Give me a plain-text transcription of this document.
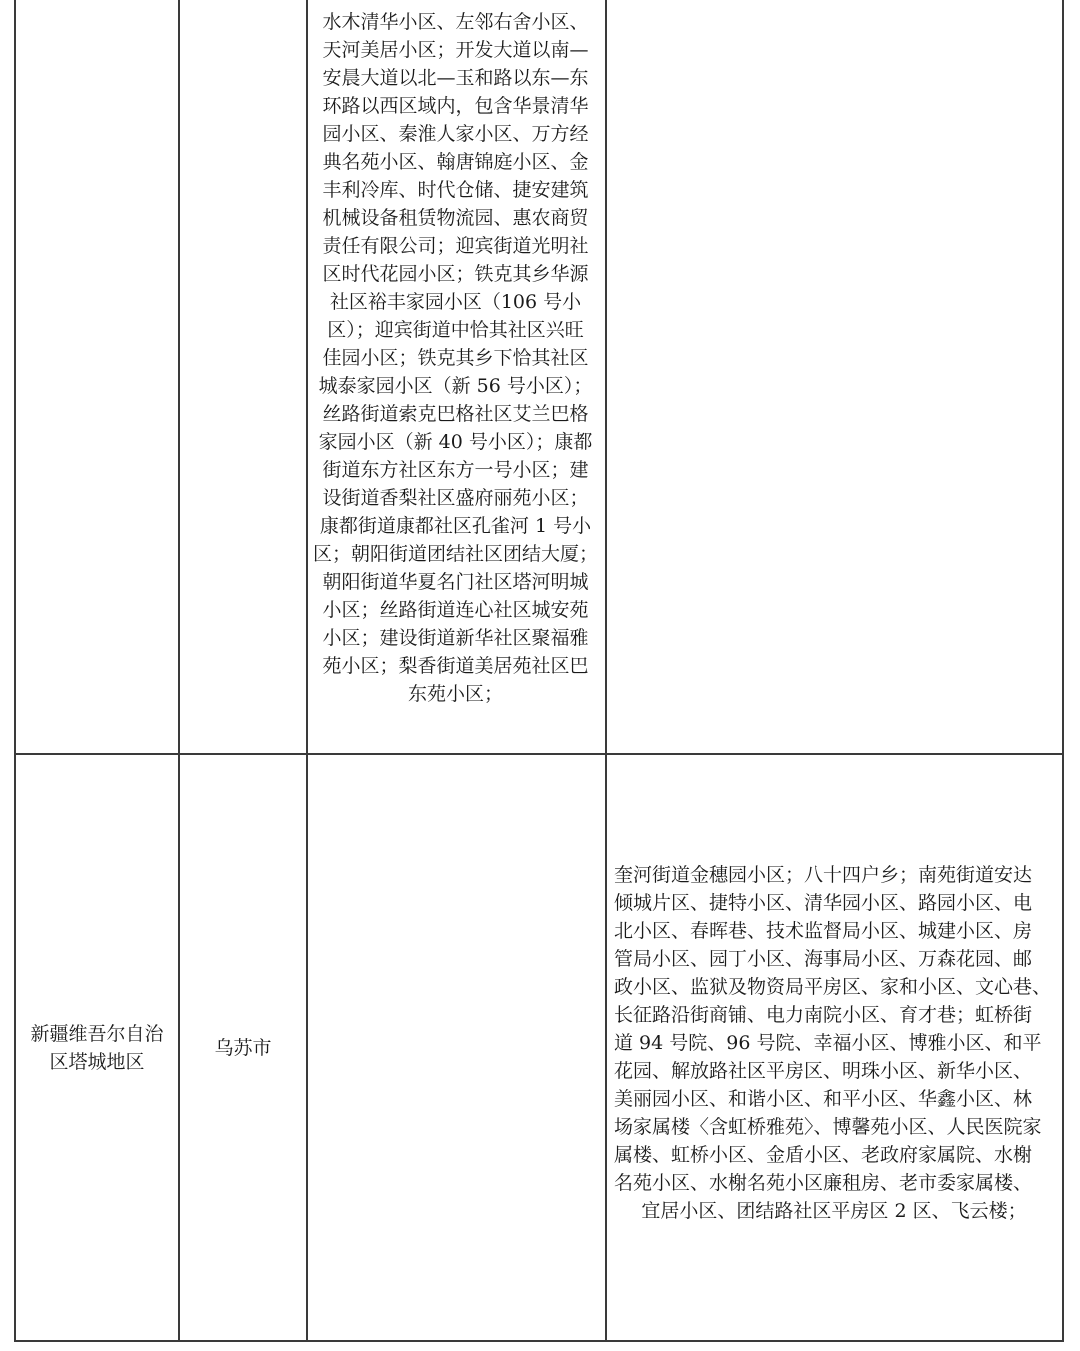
水木清华小区、左邻右舍小区、
天河美居小区；开发大道以南—
安晨大道以北—玉和路以东—东
环路以西区域内，包含华景清华
园小区、秦淮人家小区、万方经
典名苑小区、翰唐锦庭小区、金
丰利冷库、时代仓储、捷安建筑
机械设备租赁物流园、惠农商贸
责任有限公司；迎宾街道光明社
区时代花园小区；铁克其乡华源
社区裕丰家园小区（106 号小
区）；迎宾街道中恰其社区兴旺
佳园小区；铁克其乡下恰其社区
城泰家园小区（新 56 号小区）；
丝路街道索克巴格社区艾兰巴格
家园小区（新 40 号小区）；康都
街道东方社区东方一号小区；建
设街道香梨社区盛府丽苑小区；
康都街道康都社区孔雀河 1 号小
区；朝阳街道团结社区团结大厦；
朝阳街道华夏名门社区塔河明城
小区；丝路街道连心社区城安苑
小区；建设街道新华社区聚福雅
苑小区；梨香街道美居苑社区巴
东苑小区；
新疆维吾尔自治
区塔城地区
乌苏市
奎河街道金穗园小区；八十四户乡；南苑街道安达
倾城片区、捷特小区、清华园小区、路园小区、电
北小区、春晖巷、技术监督局小区、城建小区、房
管局小区、园丁小区、海事局小区、万森花园、邮
政小区、监狱及物资局平房区、家和小区、文心巷、
长征路沿街商铺、电力南院小区、育才巷；虹桥街
道 94 号院、96 号院、幸福小区、博雅小区、和平
花园、解放路社区平房区、明珠小区、新华小区、
美丽园小区、和谐小区、和平小区、华鑫小区、林
场家属楼〈含虹桥雅苑〉、博馨苑小区、人民医院家
属楼、虹桥小区、金盾小区、老政府家属院、水榭
名苑小区、水榭名苑小区廉租房、老市委家属楼、
宜居小区、团结路社区平房区 2 区、飞云楼；
